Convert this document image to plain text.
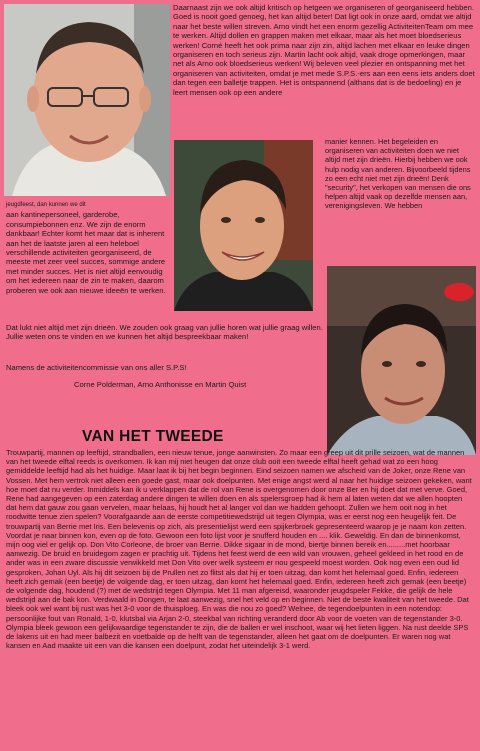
Daarnaast zijn we ook altijd kritisch op hetgeen we organiseren of georganiseerd hebben. Goed is nooit goed genoeg, het kan altijd beter! Dat ligt ook in onze aard, omdat we altijd naar het beste willen streven. Arno vindt het een enorm gezellig ActiviteitenTeam om mee te werken. Altijd dollen en grappen maken met elkaar, maar als het moet bloedserieus werken! Corné heeft het ook prima naar zijn zin, altijd lachen met elkaar en leuke dingen organiseren en toch serieus zijn. Martin lacht ook altijd, vaak droge opmerkingen, maar net als Arno ook bloedserieus werken! Wij beleven veel plezier en ontspanning met het organiseren van activiteiten, omdat je met mede S.P.S.-ers aan een eens iets anders doet dan tegen een balletje trappen. Het is ontspannend (althans dat is de bedoeling) en je leert mensen ook op een andere

manier kennen. Het begeleiden en organiseren van activiteiten doen we niet altijd met zijn drieën. Hierbij hebben we ook hulp nodig van anderen. Bijvoorbeeld tijdens zo een echt niet met zijn drieën! Denk "security", het verkopen van mensen die ons helpen altijd vaak op dezelfde mensen aan, verenigingsleven. We hebben

jeugdfeest, dan kunnen we dit
aan kantinepersoneel, garderobe, consumpiebonnen enz. We zijn de enorm dankbaar! Echter komt het maar dat is inherent aan het de laatste jaren al een heleboel verschillende activiteiten georganiseerd, de meeste met zeer veel succes, sommige andere met minder succes. Het is niet altijd eenvoudig om het iedereen naar de zin te maken, daarom proberen we ook aan nieuwe ideeën te werken.

Dat lukt niet altijd met zijn drieën. We zouden ook graag van jullie horen wat jullie graag willen. Jullie weten ons te vinden en we kunnen het altijd bespreekbaar maken!

Namens de activiteitencommissie van ons aller S.P.S!

Corne Polderman, Arno Anthonisse en Martin Quist

VAN HET TWEEDE

Trouwpartij, mannen op leeftijd, strandballen, een nieuw tenue, jonge aanwinsten. Zo maar een greep uit dit prille seizoen, wat de mannen van het tweede elftal reeds is overkomen. Ik kan mij niet heugen dat onze club ooit een tweede elftal heeft gehad wat zo een hoog gemiddelde leeftijd had als het huidige. Maar laat ik bij het begin beginnen. Eind seizoen namen we afscheid van de Joker, onze Rene van Vossen. Met hem vertrok niet alleen een goede gast, maar ook doelpunten. Met enige angst werd al naar het huidige seizoen gekeken, want hoe moet dat nu verder. Inmiddels kan ik u verklappen dat de rol van Rene is overgenomen door onze Ber en hij doet dat met verve. Goed, Rene had aangegeven op een zaterdag andere dingen te willen doen en als spelersgroep had ik hem al laten weten dat we allen hoopten dat hem dat gauw zou gaan vervelen, maar helaas, hij houdt het al langer vol dan we hadden gehoopt. Zullen we hem ooit nog in het roodwitte tenue zien spelen? Voorafgaande aan de eerste competitiewedstrijd uit tegen Olympia, was er eerst nog een heugelijk feit. De trouwpartij van Berrie met Iris. Een belevenis op zich, als presentielijst werd een spijkerbroek gepresenteerd waarop je je naam kon zetten. Voordat je naar binnen kon, even op de foto. Gewoon een foto lijst voor je snufferd houden en .... klik. Geweldig. En dan de binnenkomst, mijn oog viel er gelijk op. Don Vito Corleone, de broer van Berrie. Dikke sigaar in de mond, biertje binnen bereik en.........met hoorbaar aanwezig. De bruid en bruidegom zagen er prachtig uit. Tijdens het feest werd de een wild van vrouwen, geheel gekleed in het rood en de ander was in een zware discussie verwikkeld met Don Vito over welk systeem er nou gespeeld moest worden. Ook nog even een oud lid gesproken, Johan Uyl. Als hij dit seizoen bij de Prullen net zo flitst als dat hij er toen uitzag, dan komt het helemaal goed. Enfin, iedereen heeft zich gemak (een beetje) de volgende dag, er toen uitzag, dan komt het helemaal goed. Enfin, iedereen heeft zich gemak (een beetje) de volgende dag, houdend (?) met de wedstrijd tegen Olympia. Met 11 man afgereisd, waaronder jeugdspeler Fekke, die gelijk de hele wedstrijd aan de bak kon. Verdwaald in Dongen, te laat aanwezig, snel het veld op en beginnen. Niet de beste kwaliteit van het tweede. Dat bleek ook wel want bij rust was het 3-0 voor de thuisploeg. En was die nou zo goed? Welnee, de tegendoelpunten in een notendop: persoonlijke fout van Ronald, 1-0, klutsbal via Arjan 2-0, steekbal van richting veranderd door Ab voor de voeten van de tegenstander 3-0. Olympia bleek gewoon een gelijkwaardige tegenstander te zijn, die de ballen er wel inschoot, waar wij het lieten liggen. Na rust deelde SPS de lakens uit en had meer balbezit en voetbalde op de helft van de tegenstander, alleen het gaat om de doelpunten. Er waren nog wat kansen en Aad maakte uit een van die kansen een doelpunt, zodat het uiteindelijk 3-1 werd.
